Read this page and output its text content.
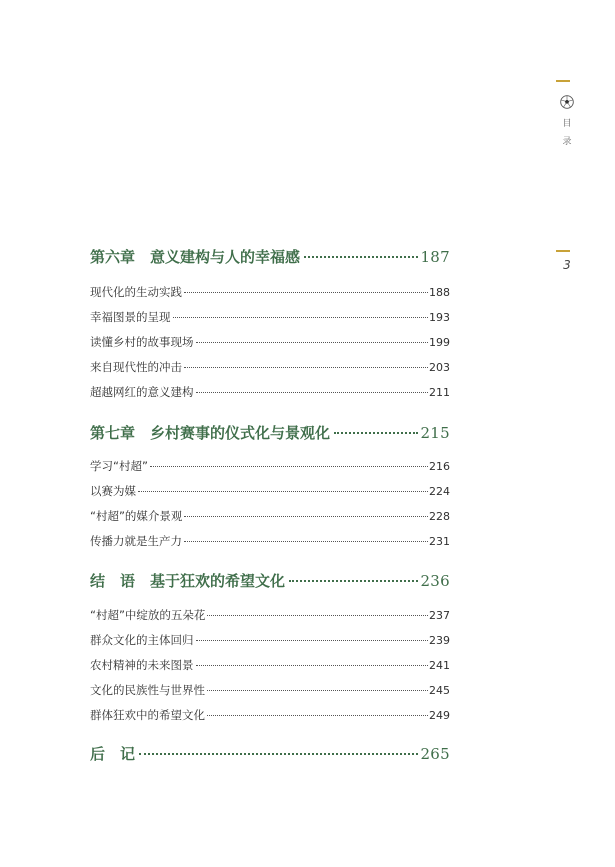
目
录
3
第六章　意义建构与人的幸福感	187
现代化的生动实践	188
幸福图景的呈现	193
读懂乡村的故事现场	199
来自现代性的冲击	203
超越网红的意义建构	211
第七章　乡村赛事的仪式化与景观化	215
学习“村超”	216
以赛为媒	224
“村超”的媒介景观	228
传播力就是生产力	231
结　语　基于狂欢的希望文化	236
“村超”中绽放的五朵花	237
群众文化的主体回归	239
农村精神的未来图景	241
文化的民族性与世界性	245
群体狂欢中的希望文化	249
后　记	265
